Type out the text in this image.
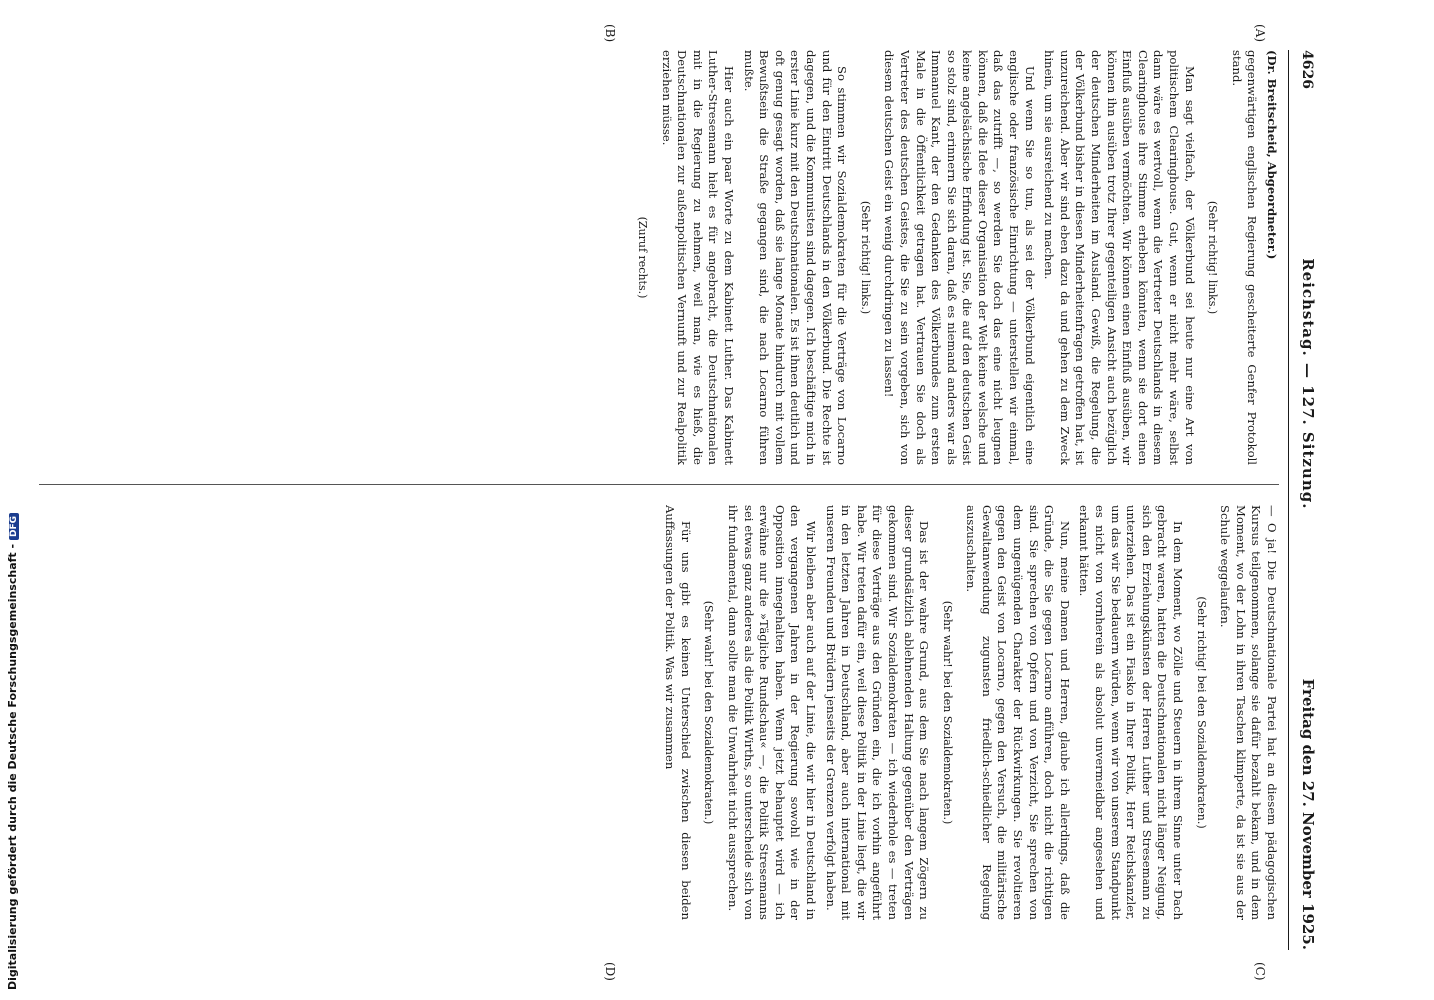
4626
Reichstag. — 127. Sitzung.
Freitag den 27. November 1925.
(A)
(B)
(C)
(D)

(Dr. Breitscheid, Abgeordneter.)

gegenwärtigen englischen Regierung gescheiterte Genfer Protokoll stand.

(Sehr richtig! links.)

Man sagt vielfach, der Völkerbund sei heute nur eine Art von politischem Clearinghouse. Gut, wenn er nicht mehr wäre, selbst dann wäre es wertvoll, wenn die Vertreter Deutschlands in diesem Clearinghouse ihre Stimme erheben könnten, wenn sie dort einen Einfluß ausüben vermöchten. Wir können einen Einfluß ausüben, wir können ihn ausüben trotz Ihrer gegenteiligen Ansicht auch bezüglich der deutschen Minderheiten im Ausland. Gewiß, die Regelung, die der Völkerbund bisher in diesen Minderheitenfragen getroffen hat, ist unzureichend. Aber wir sind eben dazu da und gehen zu dem Zweck hinein, um sie ausreichend zu machen.

Und wenn Sie so tun, als sei der Völkerbund eigentlich eine englische oder französische Einrichtung — unterstellen wir einmal, daß das zutrifft —, so werden Sie doch das eine nicht leugnen können, daß die Idee dieser Organisation der Welt keine welsche und keine angelsächsische Erfindung ist. Sie, die auf den deutschen Geist so stolz sind, erinnern Sie sich daran, daß es niemand anders war als Immanuel Kant, der den Gedanken des Völkerbundes zum ersten Male in die Öffentlichkeit getragen hat. Vertrauen Sie doch als Vertreter des deutschen Geistes, die Sie zu sein vorgeben, sich von diesem deutschen Geist ein wenig durchdringen zu lassen!

(Sehr richtig! links.)

So stimmen wir Sozialdemokraten für die Verträge von Locarno und für den Eintritt Deutschlands in den Völkerbund. Die Rechte ist dagegen, und die Kommunisten sind dagegen. Ich beschäftige mich in erster Linie kurz mit den Deutschnationalen. Es ist ihnen deutlich und oft genug gesagt worden, daß sie lange Monate hindurch mit vollem Bewußtsein die Straße gegangen sind, die nach Locarno führen mußte.

Hier auch ein paar Worte zu dem Kabinett Luther. Das Kabinett Luther-Stresemann hielt es für angebracht, die Deutschnationalen mit in die Regierung zu nehmen, weil man, wie es hieß, die Deutschnationalen zur außenpolitischen Vernunft und zur Realpolitik erziehen müsse.

(Zuruf rechts.)

— O ja! Die Deutschnationale Partei hat an diesem pädagogischen Kursus teilgenommen, solange sie dafür bezahlt bekam, und in dem Moment, wo der Lohn in ihren Taschen klimperte, da ist sie aus der Schule weggelaufen.

(Sehr richtig! bei den Sozialdemokraten.)

In dem Moment, wo Zölle und Steuern in ihrem Sinne unter Dach gebracht waren, hatten die Deutschnationalen nicht länger Neigung, sich den Erziehungskünsten der Herren Luther und Stresemann zu unterziehen. Das ist ein Fiasko in Ihrer Politik, Herr Reichskanzler, um das wir Sie bedauern würden, wenn wir von unserem Standpunkt es nicht von vornherein als absolut unvermeidbar angesehen und erkannt hätten.

Nun, meine Damen und Herren, glaube ich allerdings, daß die Gründe, die Sie gegen Locarno anführen, doch nicht die richtigen sind. Sie sprechen von Opfern und von Verzicht, Sie sprechen von dem ungenügenden Charakter der Rückwirkungen. Sie revoltieren gegen den Geist von Locarno, gegen den Versuch, die militärische Gewaltanwendung zugunsten friedlich-schiedlicher Regelung auszuschalten.

(Sehr wahr! bei den Sozialdemokraten.)

Das ist der wahre Grund, aus dem Sie nach langem Zögern zu dieser grundsätzlich ablehnenden Haltung gegenüber den Verträgen gekommen sind. Wir Sozialdemokraten — ich wiederhole es — treten für diese Verträge aus den Gründen ein, die ich vorhin angeführt habe. Wir treten dafür ein, weil diese Politik in der Linie liegt, die wir in den letzten Jahren in Deutschland, aber auch international mit unseren Freunden und Brüdern jenseits der Grenzen verfolgt haben.

Wir bleiben aber auch auf der Linie, die wir hier in Deutschland in den vergangenen Jahren in der Regierung sowohl wie in der Opposition innegehalten haben. Wenn jetzt behauptet wird — ich erwähne nur die »Tägliche Rundschau« —, die Politik Stresemanns sei etwas ganz anderes als die Politik Wirths, so unterscheide sich von ihr fundamental, dann sollte man die Unwahrheit nicht aussprechen.

(Sehr wahr! bei den Sozialdemokraten.)

Für uns gibt es keinen Unterschied zwischen diesen beiden Auffassungen der Politik. Was wir zusammen

Digitalisierung gefördert durch die Deutsche Forschungsgemeinschaft -DFG
